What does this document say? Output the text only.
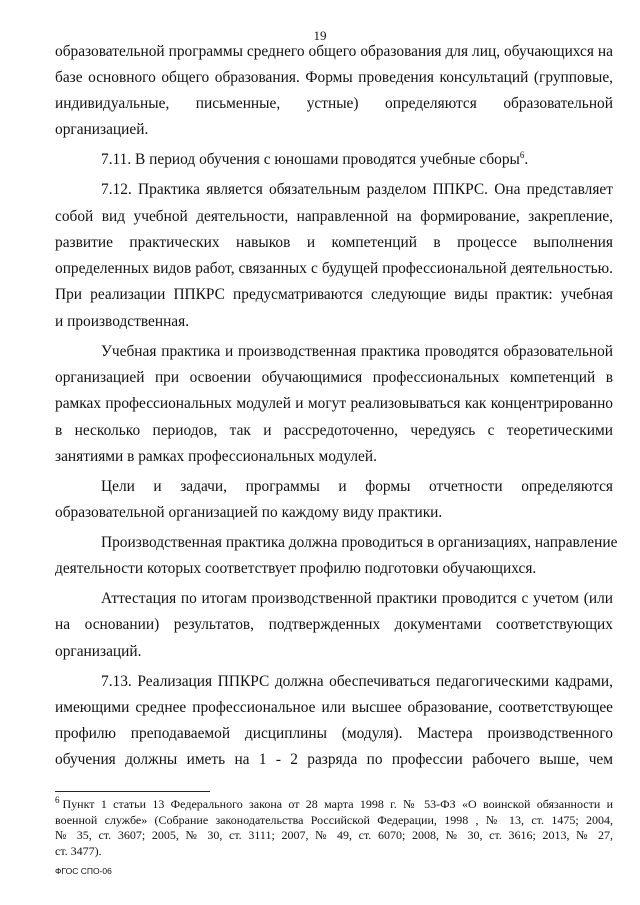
19
образовательной программы среднего общего образования для лиц, обучающихся на
базе основного общего образования. Формы проведения консультаций (групповые,
индивидуальные, письменные, устные) определяются образовательной
организацией.
7.11. В период обучения с юношами проводятся учебные сборы$^6$.
7.12. Практика является обязательным разделом ППКРС. Она представляет
собой вид учебной деятельности, направленной на формирование, закрепление,
развитие практических навыков и компетенций в процессе выполнения
определенных видов работ, связанных с будущей профессиональной деятельностью.
При реализации ППКРС предусматриваются следующие виды практик: учебная
и производственная.
Учебная практика и производственная практика проводятся образовательной
организацией при освоении обучающимися профессиональных компетенций в
рамках профессиональных модулей и могут реализовываться как концентрированно
в несколько периодов, так и рассредоточенно, чередуясь с теоретическими
занятиями в рамках профессиональных модулей.
Цели и задачи, программы и формы отчетности определяются
образовательной организацией по каждому виду практики.
Производственная практика должна проводиться в организациях, направление
деятельности которых соответствует профилю подготовки обучающихся.
Аттестация по итогам производственной практики проводится с учетом (или
на основании) результатов, подтвержденных документами соответствующих
организаций.
7.13. Реализация ППКРС должна обеспечиваться педагогическими кадрами,
имеющими среднее профессиональное или высшее образование, соответствующее
профилю преподаваемой дисциплины (модуля). Мастера производственного
обучения должны иметь на 1 - 2 разряда по профессии рабочего выше, чем
$^6$ Пункт 1 статьи 13 Федерального закона от 28 марта 1998 г. № 53-ФЗ «О воинской обязанности и
военной службе» (Собрание законодательства Российской Федерации, 1998 , № 13, ст. 1475; 2004,
№ 35, ст. 3607; 2005, № 30, ст. 3111; 2007, № 49, ст. 6070; 2008, № 30, ст. 3616; 2013, № 27,
ст. 3477).
ФГОС СПО-06
